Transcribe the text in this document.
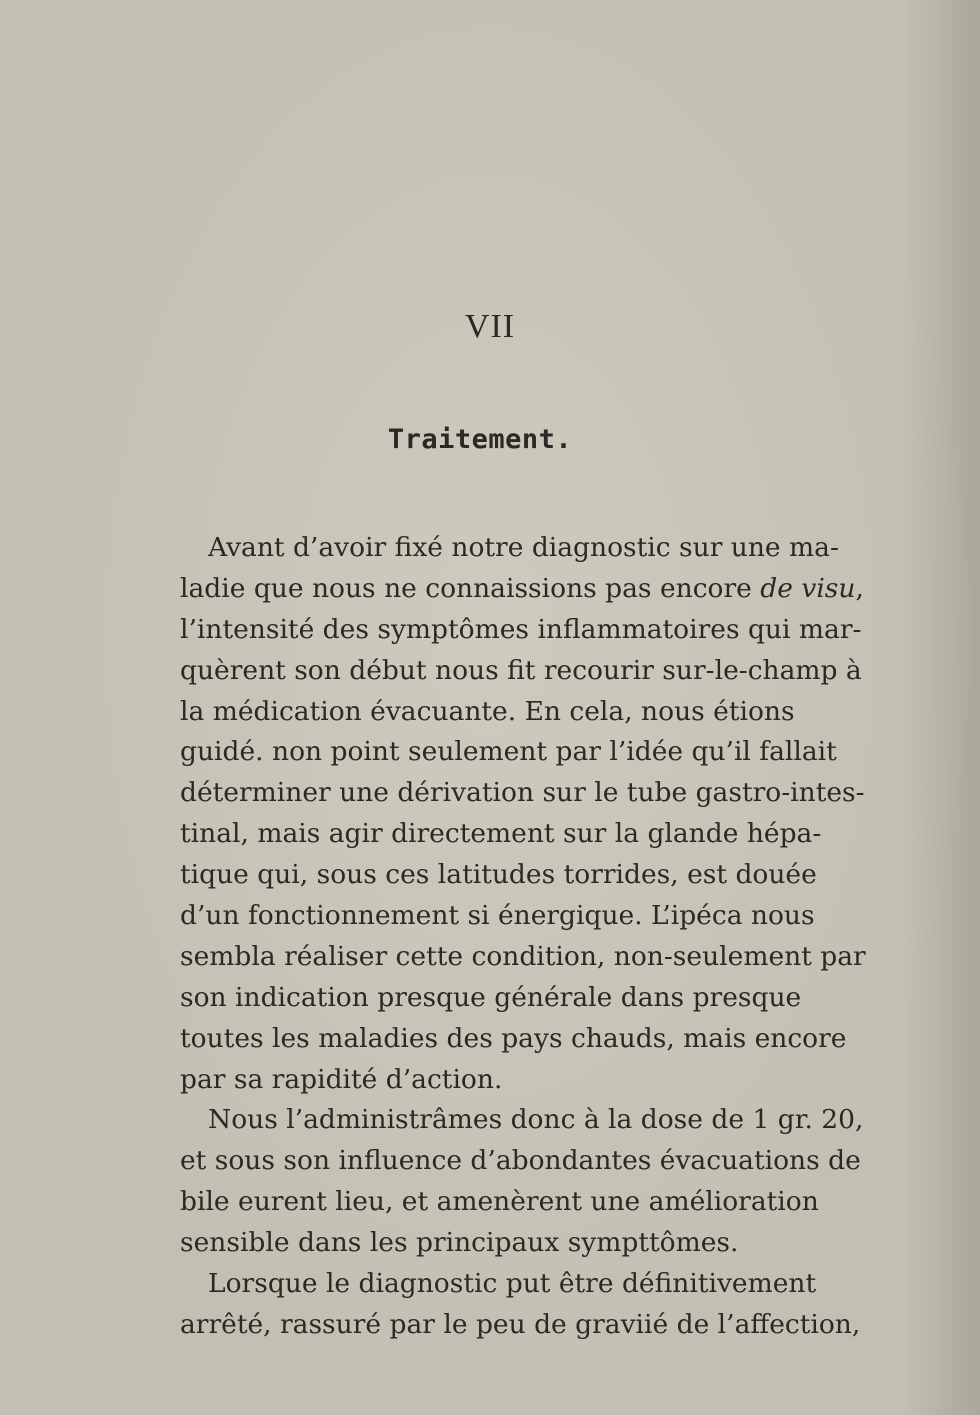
VII
Traitement.
Avant d’avoir fixé notre diagnostic sur une ma-
ladie que nous ne connaissions pas encore de visu,
l’intensité des symptômes inflammatoires qui mar-
quèrent son début nous fit recourir sur-le-champ à
la médication évacuante. En cela, nous étions
guidé. non point seulement par l’idée qu’il fallait
déterminer une dérivation sur le tube gastro-intes-
tinal, mais agir directement sur la glande hépa-
tique qui, sous ces latitudes torrides, est douée
d’un fonctionnement si énergique. L’ipéca nous
sembla réaliser cette condition, non-seulement par
son indication presque générale dans presque
toutes les maladies des pays chauds, mais encore
par sa rapidité d’action.
Nous l’administrâmes donc à la dose de 1 gr. 20,
et sous son influence d’abondantes évacuations de
bile eurent lieu, et amenèrent une amélioration
sensible dans les principaux sympttômes.
Lorsque le diagnostic put être définitivement
arrêté, rassuré par le peu de graviié de l’affection,
